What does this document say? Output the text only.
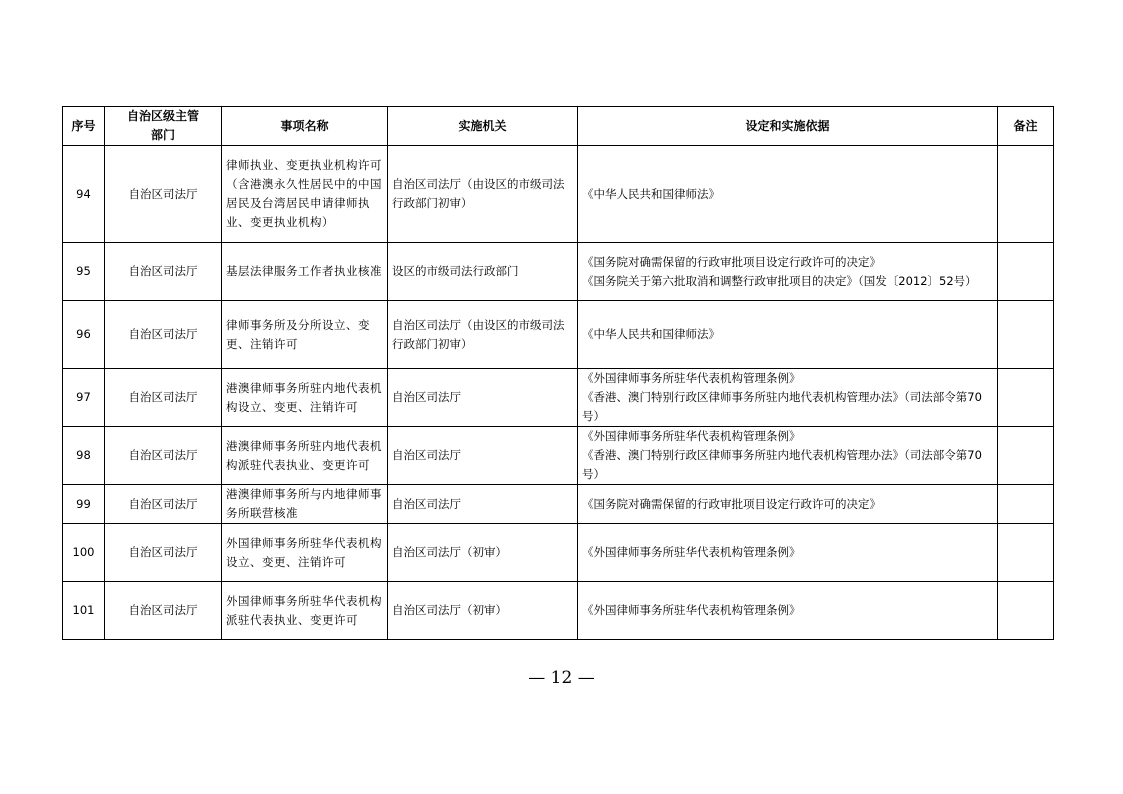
序号	自治区级主管部门	事项名称	实施机关	设定和实施依据	备注
94	自治区司法厅	律师执业、变更执业机构许可（含港澳永久性居民中的中国居民及台湾居民申请律师执业、变更执业机构）	自治区司法厅（由设区的市级司法行政部门初审）	《中华人民共和国律师法》	

95	自治区司法厅	基层法律服务工作者执业核准	设区的市级司法行政部门	《国务院对确需保留的行政审批项目设定行政许可的决定》
《国务院关于第六批取消和调整行政审批项目的决定》（国发〔2012〕52号）	

96	自治区司法厅	律师事务所及分所设立、变更、注销许可	自治区司法厅（由设区的市级司法行政部门初审）	《中华人民共和国律师法》	

97	自治区司法厅	港澳律师事务所驻内地代表机构设立、变更、注销许可	自治区司法厅	《外国律师事务所驻华代表机构管理条例》
《香港、澳门特别行政区律师事务所驻内地代表机构管理办法》（司法部令第70号）	

98	自治区司法厅	港澳律师事务所驻内地代表机构派驻代表执业、变更许可	自治区司法厅	《外国律师事务所驻华代表机构管理条例》
《香港、澳门特别行政区律师事务所驻内地代表机构管理办法》（司法部令第70号）	

99	自治区司法厅	港澳律师事务所与内地律师事务所联营核准	自治区司法厅	《国务院对确需保留的行政审批项目设定行政许可的决定》	

100	自治区司法厅	外国律师事务所驻华代表机构设立、变更、注销许可	自治区司法厅（初审）	《外国律师事务所驻华代表机构管理条例》	

101	自治区司法厅	外国律师事务所驻华代表机构派驻代表执业、变更许可	自治区司法厅（初审）	《外国律师事务所驻华代表机构管理条例》	

— 12 —
